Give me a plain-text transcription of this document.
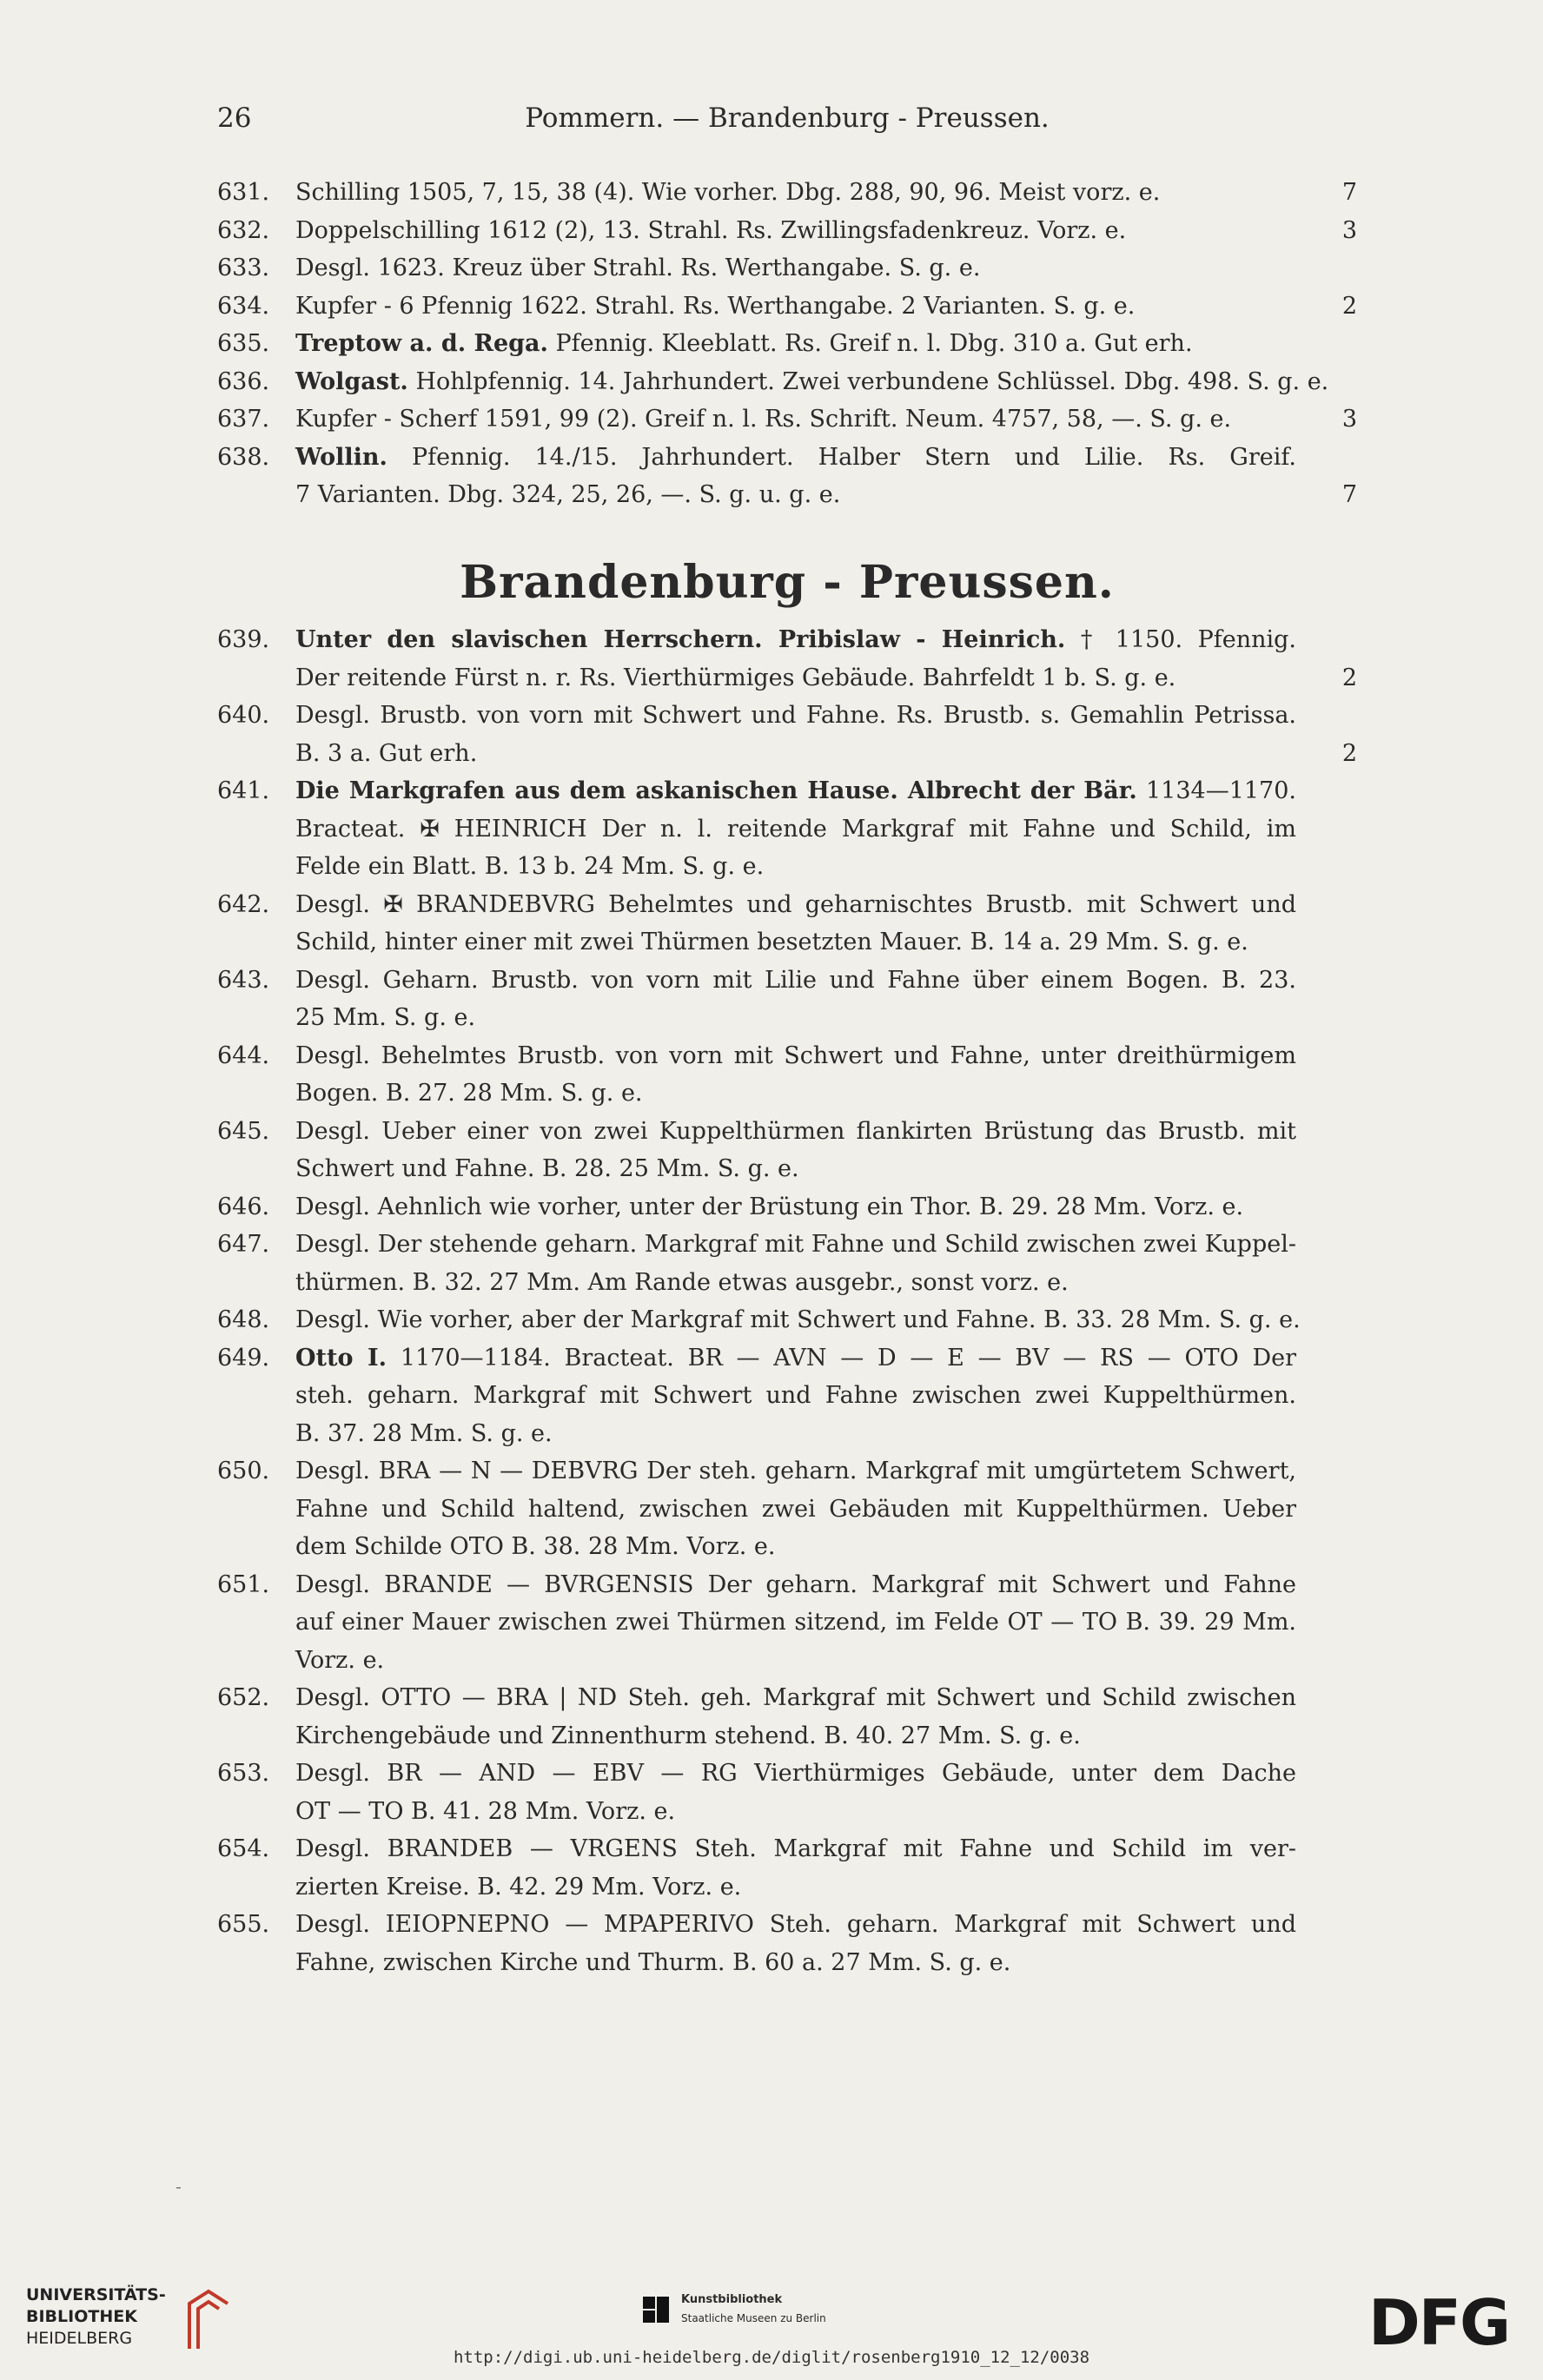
26	Pommern. — Brandenburg - Preussen.
631. Schilling 1505, 7, 15, 38 (4). Wie vorher. Dbg. 288, 90, 96. Meist vorz. e.	7
632. Doppelschilling 1612 (2), 13. Strahl. Rs. Zwillingsfadenkreuz. Vorz. e.	3
633. Desgl. 1623. Kreuz über Strahl. Rs. Werthangabe. S. g. e.
634. Kupfer - 6 Pfennig 1622. Strahl. Rs. Werthangabe. 2 Varianten. S. g. e.	2
635. Treptow a. d. Rega. Pfennig. Kleeblatt. Rs. Greif n. l. Dbg. 310 a. Gut erh.
636. Wolgast. Hohlpfennig. 14. Jahrhundert. Zwei verbundene Schlüssel. Dbg. 498. S. g. e.
637. Kupfer - Scherf 1591, 99 (2). Greif n. l. Rs. Schrift. Neum. 4757, 58, —. S. g. e.	3
638. Wollin. Pfennig. 14./15. Jahrhundert. Halber Stern und Lilie. Rs. Greif.
7 Varianten. Dbg. 324, 25, 26, —. S. g. u. g. e.	7
Brandenburg - Preussen.
639. Unter den slavischen Herrschern. Pribislaw - Heinrich. † 1150. Pfennig.
Der reitende Fürst n. r. Rs. Vierthürmiges Gebäude. Bahrfeldt 1 b. S. g. e.	2
640. Desgl. Brustb. von vorn mit Schwert und Fahne. Rs. Brustb. s. Gemahlin Petrissa.
B. 3 a. Gut erh.	2
641. Die Markgrafen aus dem askanischen Hause. Albrecht der Bär. 1134—1170.
Bracteat. ✠ HEINRICH Der n. l. reitende Markgraf mit Fahne und Schild, im
Felde ein Blatt. B. 13 b. 24 Mm. S. g. e.
642. Desgl. ✠ BRANDEBVRG Behelmtes und geharnischtes Brustb. mit Schwert und
Schild, hinter einer mit zwei Thürmen besetzten Mauer. B. 14 a. 29 Mm. S. g. e.
643. Desgl. Geharn. Brustb. von vorn mit Lilie und Fahne über einem Bogen. B. 23.
25 Mm. S. g. e.
644. Desgl. Behelmtes Brustb. von vorn mit Schwert und Fahne, unter dreithürmigem
Bogen. B. 27. 28 Mm. S. g. e.
645. Desgl. Ueber einer von zwei Kuppelthürmen flankirten Brüstung das Brustb. mit
Schwert und Fahne. B. 28. 25 Mm. S. g. e.
646. Desgl. Aehnlich wie vorher, unter der Brüstung ein Thor. B. 29. 28 Mm. Vorz. e.
647. Desgl. Der stehende geharn. Markgraf mit Fahne und Schild zwischen zwei Kuppel-
thürmen. B. 32. 27 Mm. Am Rande etwas ausgebr., sonst vorz. e.
648. Desgl. Wie vorher, aber der Markgraf mit Schwert und Fahne. B. 33. 28 Mm. S. g. e.
649. Otto I. 1170—1184. Bracteat. BR — AVN — D — E — BV — RS — OTO Der
steh. geharn. Markgraf mit Schwert und Fahne zwischen zwei Kuppelthürmen.
B. 37. 28 Mm. S. g. e.
650. Desgl. BRA — N — DEBVRG Der steh. geharn. Markgraf mit umgürtetem Schwert,
Fahne und Schild haltend, zwischen zwei Gebäuden mit Kuppelthürmen. Ueber
dem Schilde OTO B. 38. 28 Mm. Vorz. e.
651. Desgl. BRANDE — BVRGENSIS Der geharn. Markgraf mit Schwert und Fahne
auf einer Mauer zwischen zwei Thürmen sitzend, im Felde OT — TO B. 39. 29 Mm.
Vorz. e.
652. Desgl. OTTO — BRA | ND Steh. geh. Markgraf mit Schwert und Schild zwischen
Kirchengebäude und Zinnenthurm stehend. B. 40. 27 Mm. S. g. e.
653. Desgl. BR — AND — EBV — RG Vierthürmiges Gebäude, unter dem Dache
OT — TO B. 41. 28 Mm. Vorz. e.
654. Desgl. BRANDEB — VRGENS Steh. Markgraf mit Fahne und Schild im ver-
zierten Kreise. B. 42. 29 Mm. Vorz. e.
655. Desgl. IEIOPNEPNO — MPAPERIVO Steh. geharn. Markgraf mit Schwert und
Fahne, zwischen Kirche und Thurm. B. 60 a. 27 Mm. S. g. e.
-
UNIVERSITÄTS-
BIBLIOTHEK
HEIDELBERG
Kunstbibliothek
Staatliche Museen zu Berlin	DFG
http://digi.ub.uni-heidelberg.de/diglit/rosenberg1910_12_12/0038
